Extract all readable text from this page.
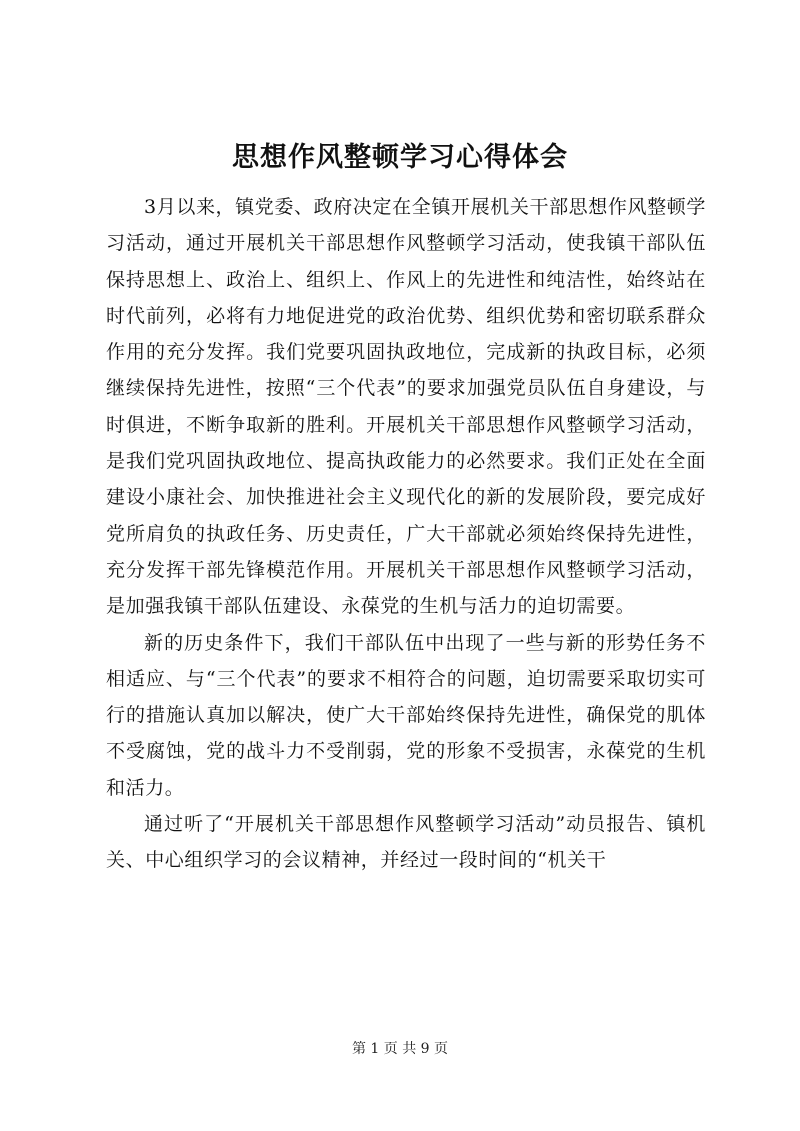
思想作风整顿学习心得体会

3月以来，镇党委、政府决定在全镇开展机关干部思想作风整顿学习活动，通过开展机关干部思想作风整顿学习活动，使我镇干部队伍保持思想上、政治上、组织上、作风上的先进性和纯洁性，始终站在时代前列，必将有力地促进党的政治优势、组织优势和密切联系群众作用的充分发挥。我们党要巩固执政地位，完成新的执政目标，必须继续保持先进性，按照“三个代表”的要求加强党员队伍自身建设，与时俱进，不断争取新的胜利。开展机关干部思想作风整顿学习活动，是我们党巩固执政地位、提高执政能力的必然要求。我们正处在全面建设小康社会、加快推进社会主义现代化的新的发展阶段，要完成好党所肩负的执政任务、历史责任，广大干部就必须始终保持先进性，充分发挥干部先锋模范作用。开展机关干部思想作风整顿学习活动，是加强我镇干部队伍建设、永葆党的生机与活力的迫切需要。

新的历史条件下，我们干部队伍中出现了一些与新的形势任务不相适应、与“三个代表”的要求不相符合的问题，迫切需要采取切实可行的措施认真加以解决，使广大干部始终保持先进性，确保党的肌体不受腐蚀，党的战斗力不受削弱，党的形象不受损害，永葆党的生机和活力。

通过听了“开展机关干部思想作风整顿学习活动”动员报告、镇机关、中心组织学习的会议精神，并经过一段时间的“机关干

第 1 页 共 9 页
